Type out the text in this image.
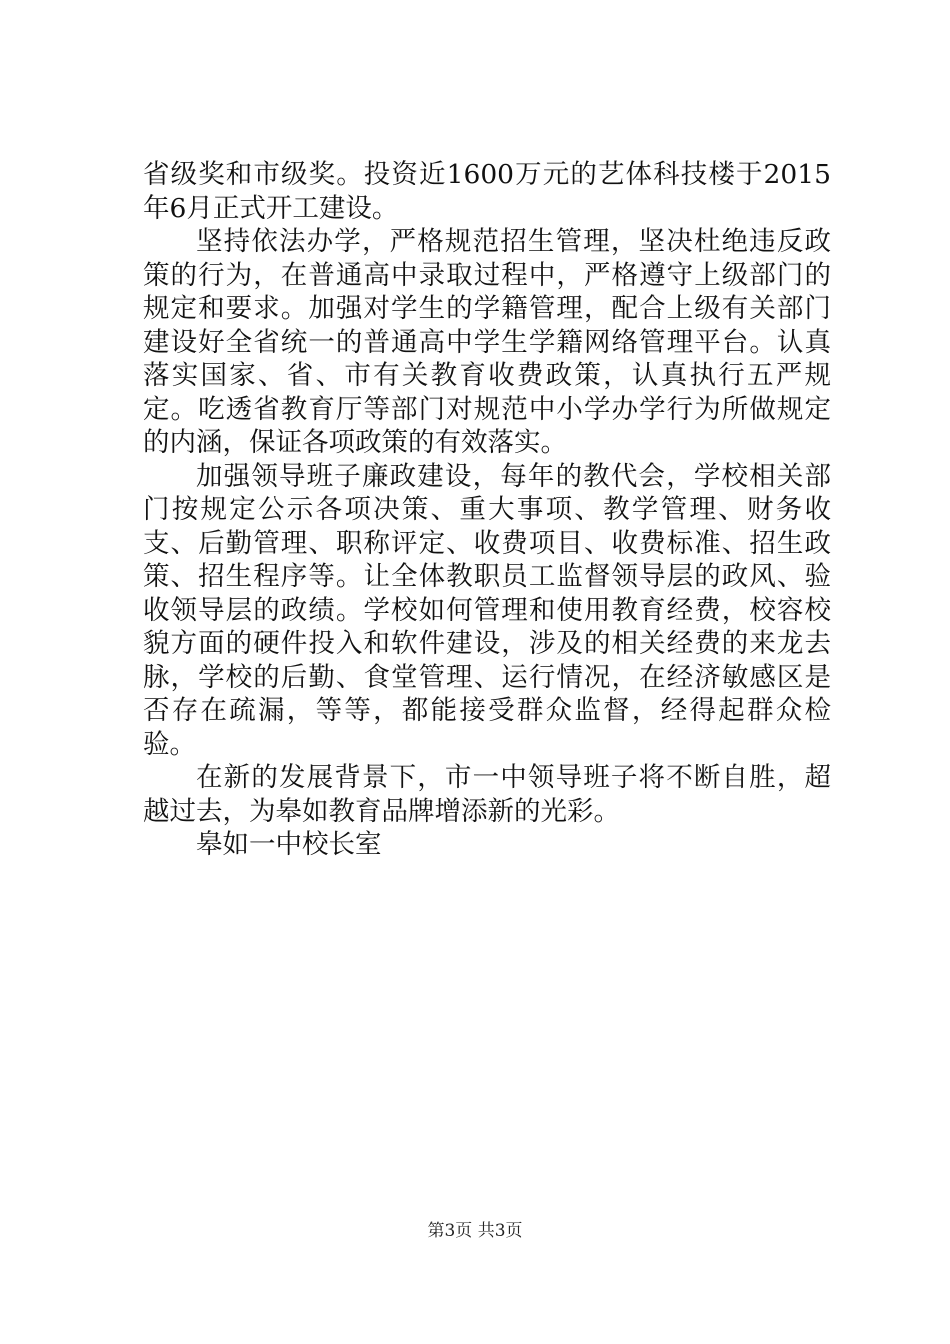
省级奖和市级奖。投资近1600万元的艺体科技楼于2015年6月正式开工建设。

坚持依法办学，严格规范招生管理，坚决杜绝违反政策的行为，在普通高中录取过程中，严格遵守上级部门的规定和要求。加强对学生的学籍管理，配合上级有关部门建设好全省统一的普通高中学生学籍网络管理平台。认真落实国家、省、市有关教育收费政策，认真执行五严规定。吃透省教育厅等部门对规范中小学办学行为所做规定的内涵，保证各项政策的有效落实。

加强领导班子廉政建设，每年的教代会，学校相关部门按规定公示各项决策、重大事项、教学管理、财务收支、后勤管理、职称评定、收费项目、收费标准、招生政策、招生程序等。让全体教职员工监督领导层的政风、验收领导层的政绩。学校如何管理和使用教育经费，校容校貌方面的硬件投入和软件建设，涉及的相关经费的来龙去脉，学校的后勤、食堂管理、运行情况，在经济敏感区是否存在疏漏，等等，都能接受群众监督，经得起群众检验。

在新的发展背景下，市一中领导班子将不断自胜，超越过去，为皋如教育品牌增添新的光彩。

皋如一中校长室

第3页 共3页
